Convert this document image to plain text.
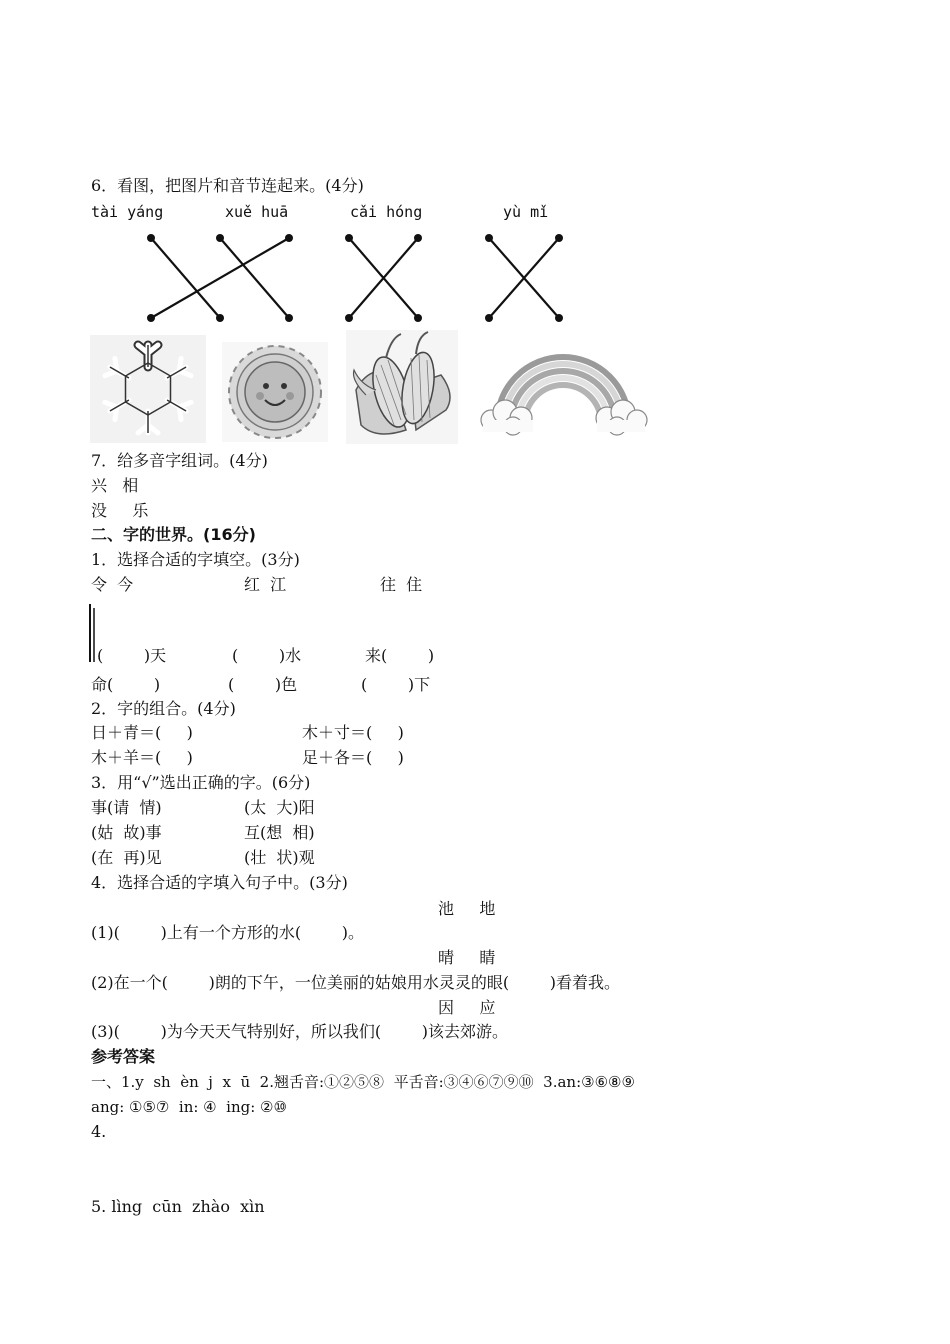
6．看图，把图片和音节连起来。(4分)
tài yáng	xuě huā	cǎi hóng	yù mǐ
7．给多音字组词。(4分)
兴   相
没     乐
二、字的世界。(16分)
1．选择合适的字填空。(3分)
令  今	红  江	往  住
(        )天	(        )水	来(        )
命(        )	(        )色	(        )下
2．字的组合。(4分)
日＋青＝(     )	木＋寸＝(     )
木＋羊＝(     )	足＋各＝(     )
3．用“√”选出正确的字。(6分)
事(请  情)	(太  大)阳
(姑  故)事	互(想  相)
(在  再)见	(壮  状)观
4．选择合适的字填入句子中。(3分)
池     地
(1)(        )上有一个方形的水(        )。
晴     睛
(2)在一个(        )朗的下午，一位美丽的姑娘用水灵灵的眼(        )看着我。
因     应
(3)(        )为今天天气特别好，所以我们(        )该去郊游。
参考答案
一、1.y  sh  èn  j  x  ū  2.翘舌音:①②⑤⑧  平舌音:③④⑥⑦⑨⑩  3.an:③⑥⑧⑨
ang: ①⑤⑦  in: ④  ing: ②⑩
4.
5. lìng  cūn  zhào  xìn
